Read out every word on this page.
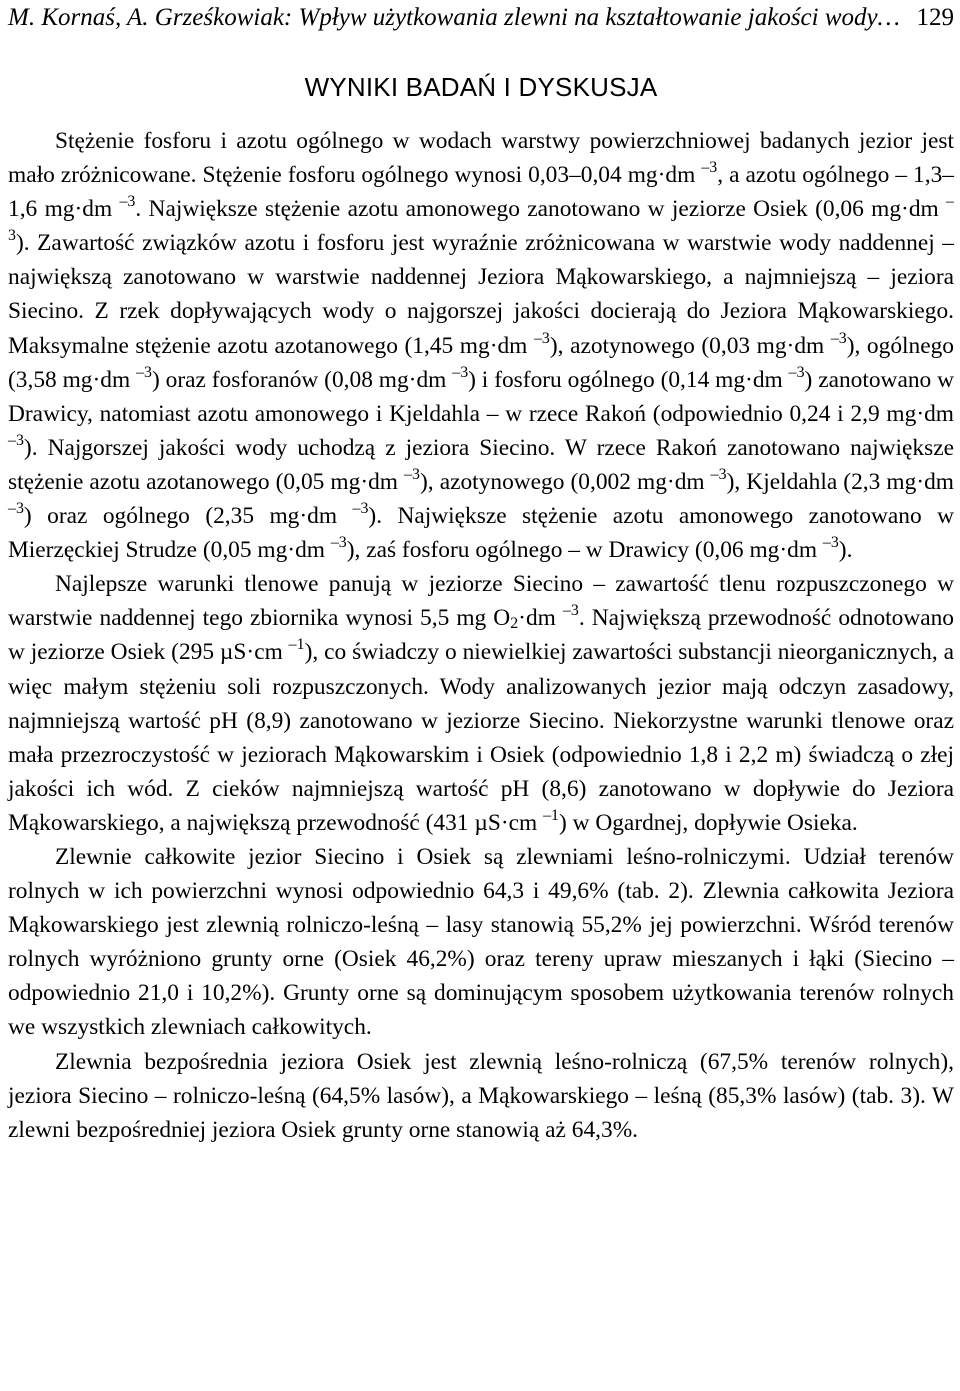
M. Kornaś, A. Grześkowiak: Wpływ użytkowania zlewni na kształtowanie jakości wody… 129
WYNIKI BADAŃ I DYSKUSJA

Stężenie fosforu i azotu ogólnego w wodach warstwy powierzchniowej badanych jezior jest mało zróżnicowane. Stężenie fosforu ogólnego wynosi 0,03–0,04 mg·dm $^{-3}$, a azotu ogólnego – 1,3–1,6 mg·dm $^{-3}$. Największe stężenie azotu amonowego zanotowano w jeziorze Osiek (0,06 mg·dm $^{-3}$). Zawartość związków azotu i fosforu jest wyraźnie zróżnicowana w warstwie wody naddennej – największą zanotowano w warstwie naddennej Jeziora Mąkowarskiego, a najmniejszą – jeziora Siecino. Z rzek dopływających wody o najgorszej jakości docierają do Jeziora Mąkowarskiego. Maksymalne stężenie azotu azotanowego (1,45 mg·dm $^{-3}$), azotynowego (0,03 mg·dm $^{-3}$), ogólnego (3,58 mg·dm $^{-3}$) oraz fosforanów (0,08 mg·dm $^{-3}$) i fosforu ogólnego (0,14 mg·dm $^{-3}$) zanotowano w Drawicy, natomiast azotu amonowego i Kjeldahla – w rzece Rakoń (odpowiednio 0,24 i 2,9 mg·dm $^{-3}$). Najgorszej jakości wody uchodzą z jeziora Siecino. W rzece Rakoń zanotowano największe stężenie azotu azotanowego (0,05 mg·dm $^{-3}$), azotynowego (0,002 mg·dm $^{-3}$), Kjeldahla (2,3 mg·dm $^{-3}$) oraz ogólnego (2,35 mg·dm $^{-3}$). Największe stężenie azotu amonowego zanotowano w Mierzęckiej Strudze (0,05 mg·dm $^{-3}$), zaś fosforu ogólnego – w Drawicy (0,06 mg·dm $^{-3}$).

Najlepsze warunki tlenowe panują w jeziorze Siecino – zawartość tlenu rozpuszczonego w warstwie naddennej tego zbiornika wynosi 5,5 mg $O_2\cdot dm$ $^{-3}$. Największą przewodność odnotowano w jeziorze Osiek (295 µS·cm $^{-1}$), co świadczy o niewielkiej zawartości substancji nieorganicznych, a więc małym stężeniu soli rozpuszczonych. Wody analizowanych jezior mają odczyn zasadowy, najmniejszą wartość pH (8,9) zanotowano w jeziorze Siecino. Niekorzystne warunki tlenowe oraz mała przezroczystość w jeziorach Mąkowarskim i Osiek (odpowiednio 1,8 i 2,2 m) świadczą o złej jakości ich wód. Z cieków najmniejszą wartość pH (8,6) zanotowano w dopływie do Jeziora Mąkowarskiego, a największą przewodność (431 µS·cm $^{-1}$) w Ogardnej, dopływie Osieka.

Zlewnie całkowite jezior Siecino i Osiek są zlewniami leśno-rolniczymi. Udział terenów rolnych w ich powierzchni wynosi odpowiednio 64,3 i 49,6% (tab. 2). Zlewnia całkowita Jeziora Mąkowarskiego jest zlewnią rolniczo-leśną – lasy stanowią 55,2% jej powierzchni. Wśród terenów rolnych wyróżniono grunty orne (Osiek 46,2%) oraz tereny upraw mieszanych i łąki (Siecino – odpowiednio 21,0 i 10,2%). Grunty orne są dominującym sposobem użytkowania terenów rolnych we wszystkich zlewniach całkowitych.

Zlewnia bezpośrednia jeziora Osiek jest zlewnią leśno-rolniczą (67,5% terenów rolnych), jeziora Siecino – rolniczo-leśną (64,5% lasów), a Mąkowarskiego – leśną (85,3% lasów) (tab. 3). W zlewni bezpośredniej jeziora Osiek grunty orne stanowią aż 64,3%.
